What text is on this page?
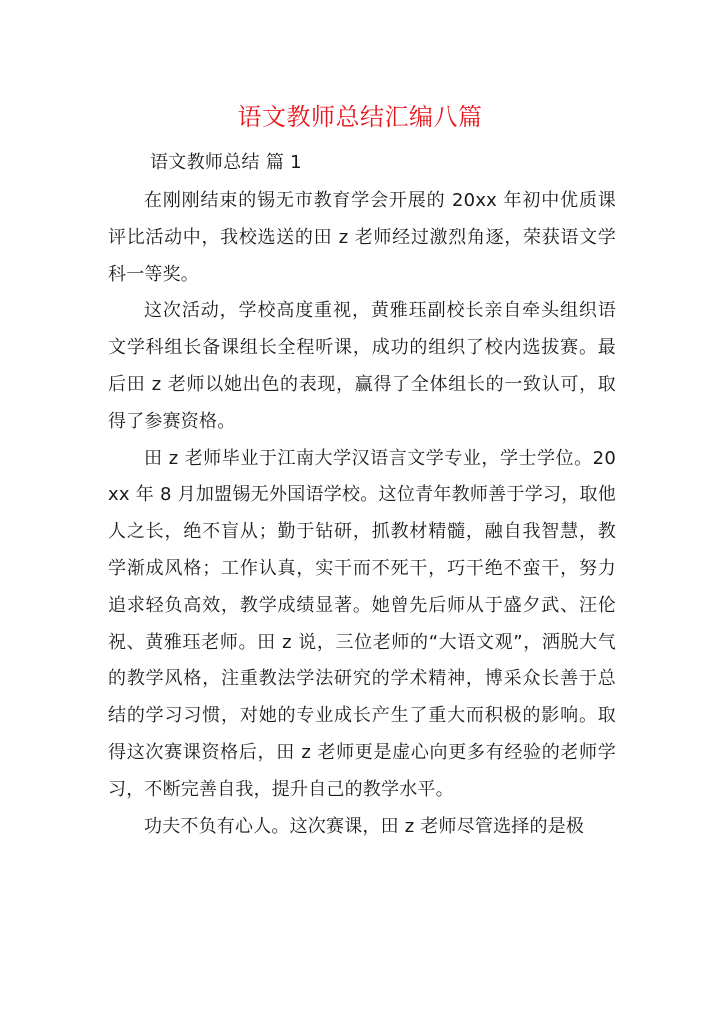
语文教师总结汇编八篇
语文教师总结 篇 1

在刚刚结束的锡无市教育学会开展的 20xx 年初中优质课评比活动中，我校选送的田 z 老师经过激烈角逐，荣获语文学科一等奖。

这次活动，学校高度重视，黄雅珏副校长亲自牵头组织语文学科组长备课组长全程听课，成功的组织了校内选拔赛。最后田 z 老师以她出色的表现，赢得了全体组长的一致认可，取得了参赛资格。

田 z 老师毕业于江南大学汉语言文学专业，学士学位。20xx 年 8 月加盟锡无外国语学校。这位青年教师善于学习，取他人之长，绝不盲从；勤于钻研，抓教材精髓，融自我智慧，教学渐成风格；工作认真，实干而不死干，巧干绝不蛮干，努力追求轻负高效，教学成绩显著。她曾先后师从于盛夕武、汪伦祝、黄雅珏老师。田 z 说，三位老师的“大语文观”，洒脱大气的教学风格，注重教法学法研究的学术精神，博采众长善于总结的学习习惯，对她的专业成长产生了重大而积极的影响。取得这次赛课资格后，田 z 老师更是虚心向更多有经验的老师学习，不断完善自我，提升自己的教学水平。

功夫不负有心人。这次赛课，田 z 老师尽管选择的是极
